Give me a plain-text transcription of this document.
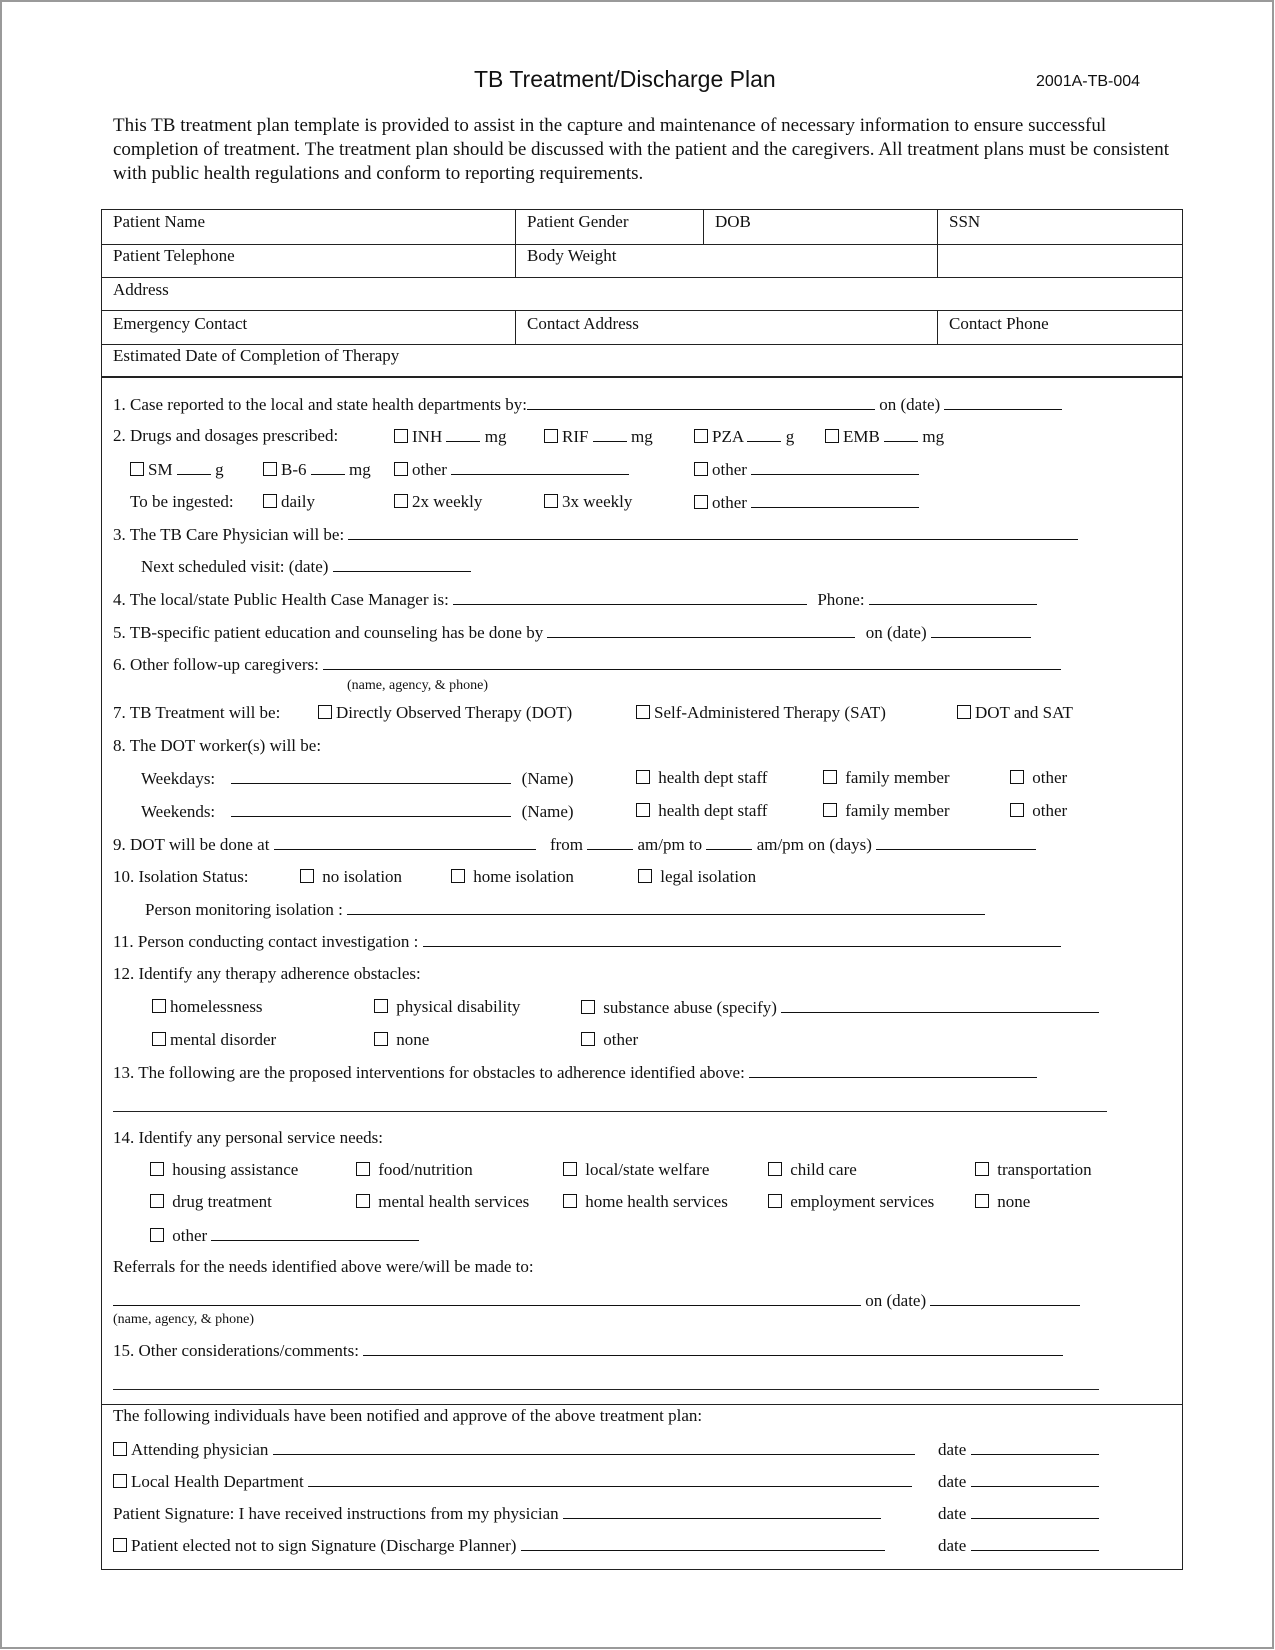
TB Treatment/Discharge Plan	2001A-TB-004
This TB treatment plan template is provided to assist in the capture and maintenance of necessary information to ensure successful completion of treatment. The treatment plan should be discussed with the patient and the caregivers. All treatment plans must be consistent with public health regulations and conform to reporting requirements.
Patient Name	Patient Gender	DOB	SSN
Patient Telephone	Body Weight
Address
Emergency Contact	Contact Address	Contact Phone
Estimated Date of Completion of Therapy
1. Case reported to the local and state health departments by:	on (date)
2. Drugs and dosages prescribed:	INH	mg	RIF	mg	PZA	g	EMB	mg
SM	g	B-6	mg	other	other
To be ingested:	daily	2x weekly	3x weekly	other
3. The TB Care Physician will be:
Next scheduled visit: (date)
4. The local/state Public Health Case Manager is:	Phone:
5. TB-specific patient education and counseling has be done by	on (date)
6. Other follow-up caregivers:
(name, agency, & phone)
7. TB Treatment will be:	Directly Observed Therapy (DOT)	Self-Administered Therapy (SAT)	DOT and SAT
8. The DOT worker(s) will be:
Weekdays:	(Name)	health dept staff	family member	other
Weekends:	(Name)	health dept staff	family member	other
9. DOT will be done at	from	am/pm to	am/pm on (days)
10. Isolation Status:	no isolation	home isolation	legal isolation
Person monitoring isolation :
11. Person conducting contact investigation :
12. Identify any therapy adherence obstacles:
homelessness	physical disability	substance abuse (specify)
mental disorder	none	other
13. The following are the proposed interventions for obstacles to adherence identified above:
14. Identify any personal service needs:
housing assistance	food/nutrition	local/state welfare	child care	transportation
drug treatment	mental health services	home health services	employment services	none
other
Referrals for the needs identified above were/will be made to:
on (date)
(name, agency, & phone)
15. Other considerations/comments:
The following individuals have been notified and approve of the above treatment plan:
Attending physician	date
Local Health Department	date
Patient Signature: I have received instructions from my physician	date
Patient elected not to sign Signature (Discharge Planner)	date
